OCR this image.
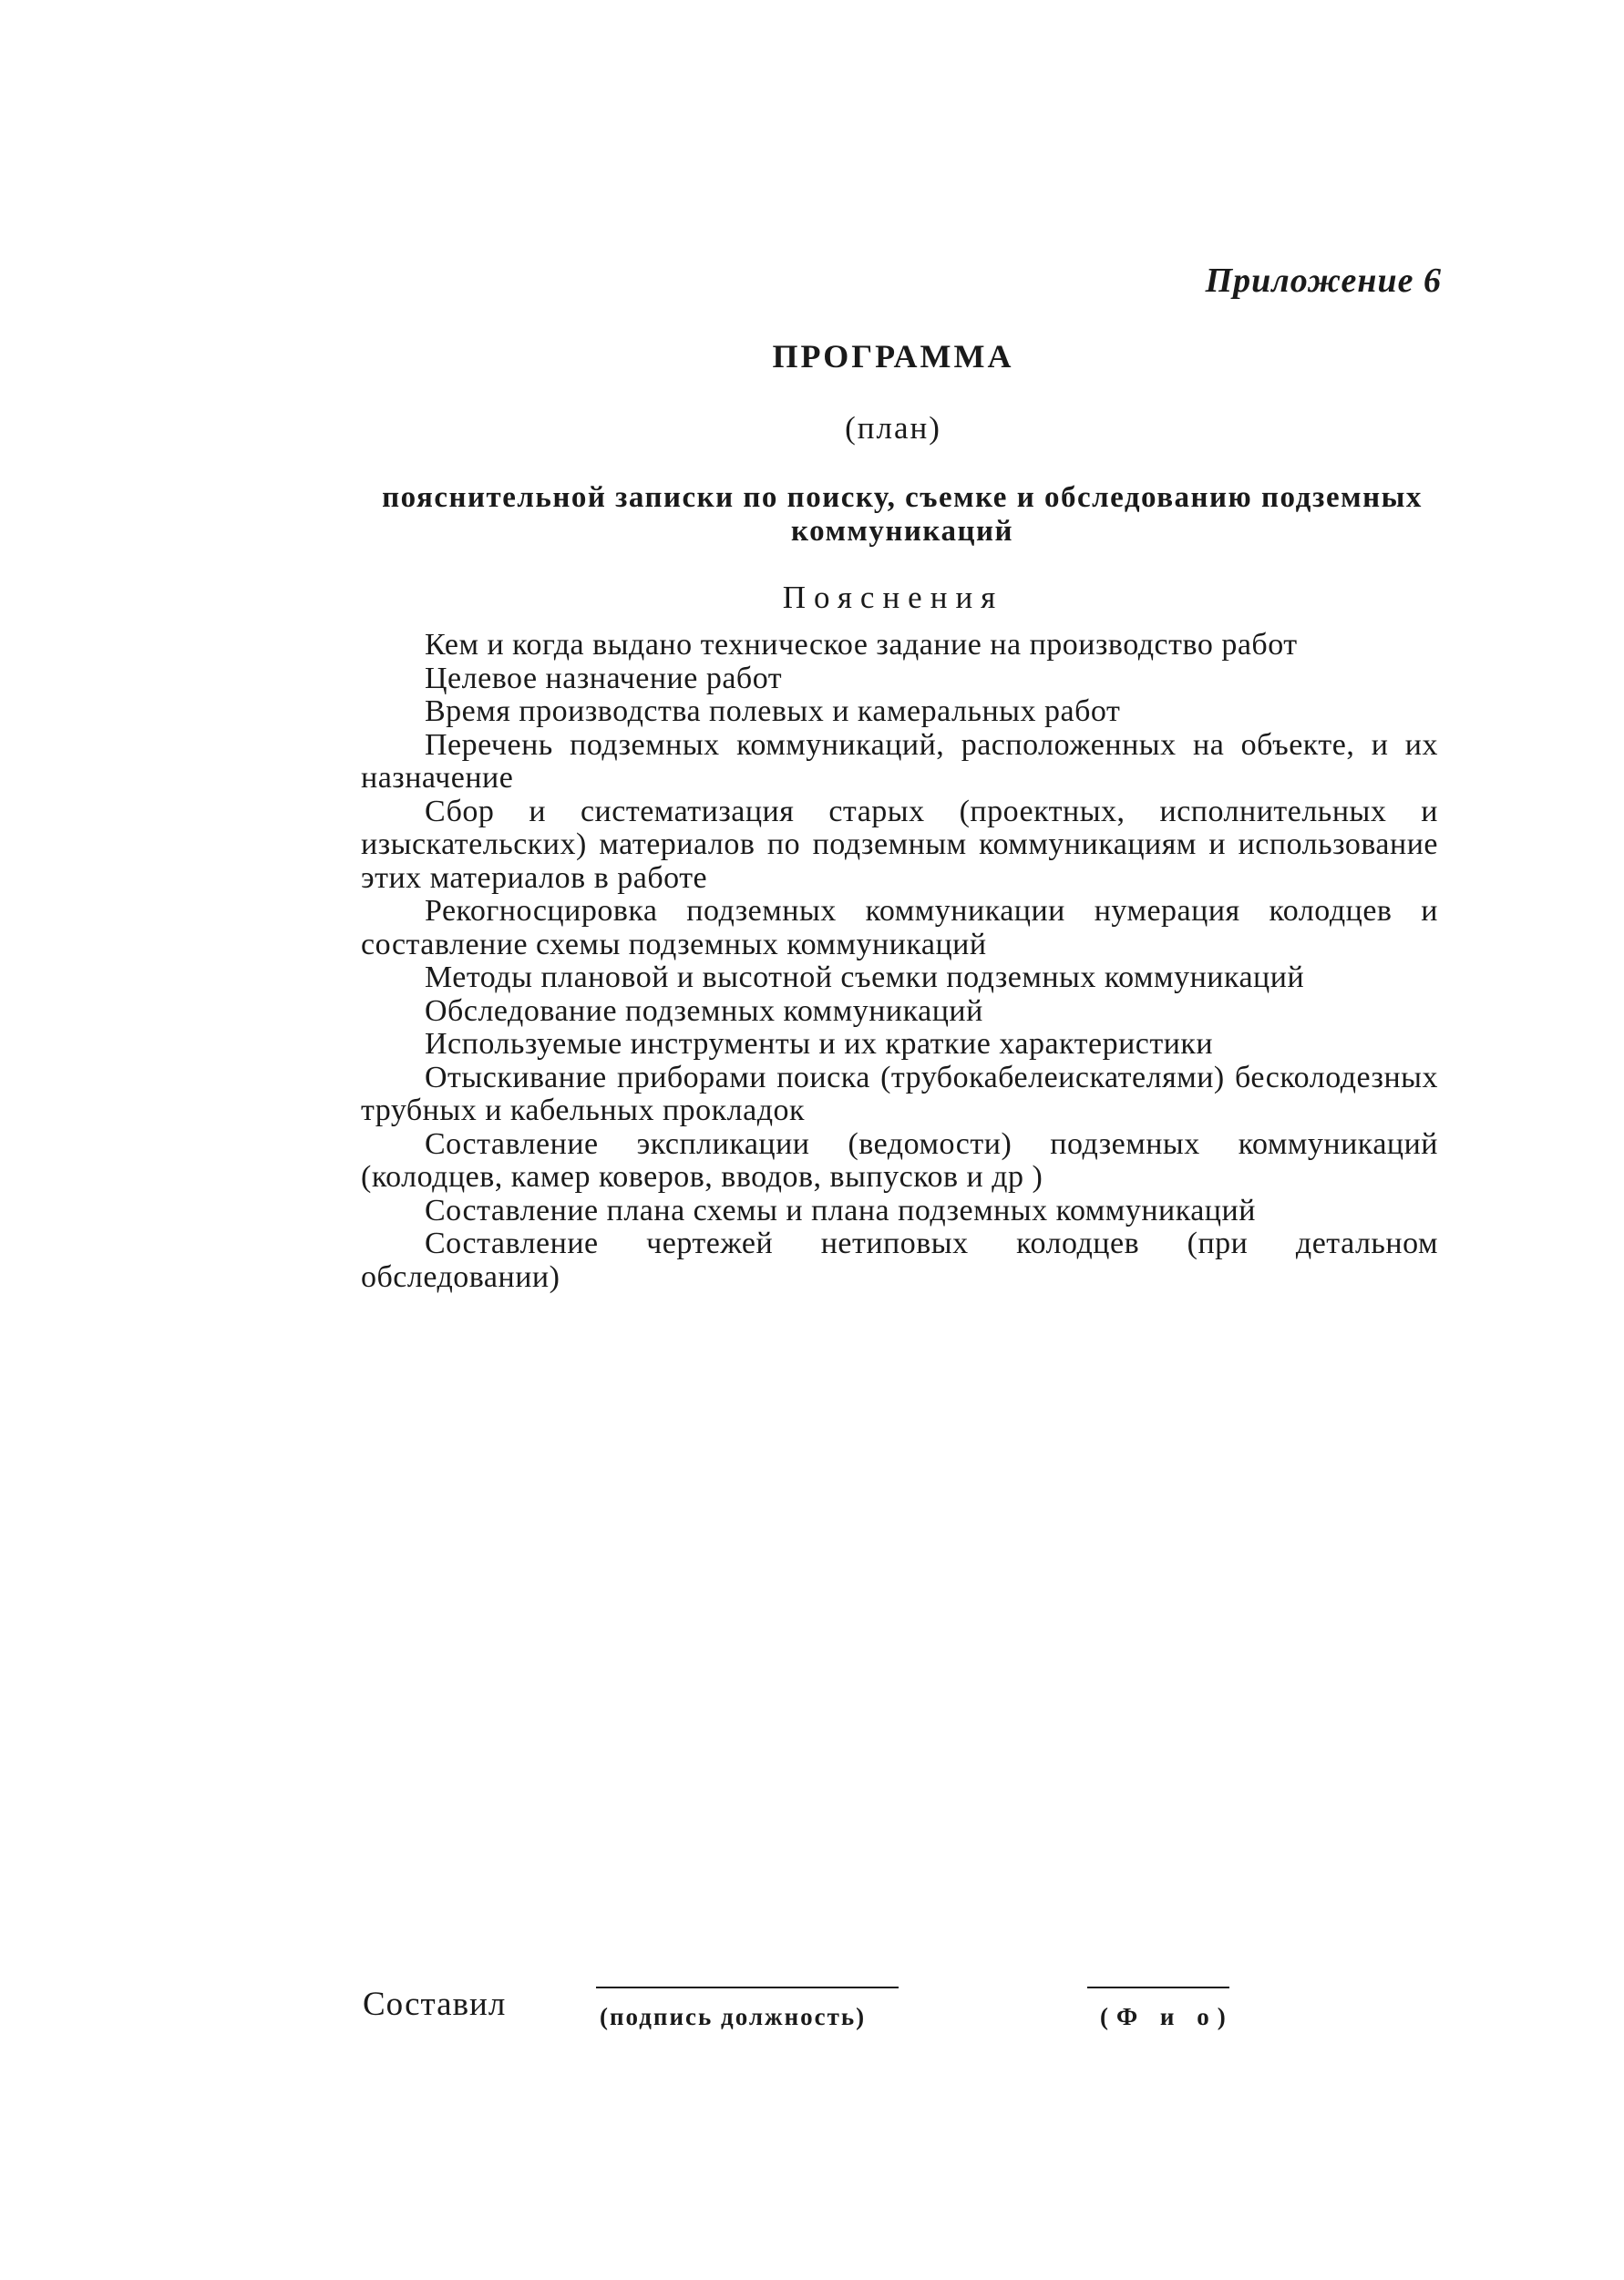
Приложение 6
ПРОГРАММА
(план)
пояснительной записки по поиску, съемке и обследованию подземных коммуникаций
Пояснения
Кем и когда выдано техническое задание на производство работ
Целевое назначение работ
Время производства полевых и камеральных работ
Перечень подземных коммуникаций, расположенных на объекте, и их назначение
Сбор и систематизация старых (проектных, исполнительных и изыскательских) материалов по подземным коммуникациям и использование этих материалов в работе
Рекогносцировка подземных коммуникации нумерация колодцев и составление схемы подземных коммуникаций
Методы плановой и высотной съемки подземных коммуникаций
Обследование подземных коммуникаций
Используемые инструменты и их краткие характеристики
Отыскивание приборами поиска (трубокабелеискателями) бесколодезных трубных и кабельных прокладок
Составление экспликации (ведомости) подземных коммуникаций (колодцев, камер коверов, вводов, выпусков и др )
Составление плана схемы и плана подземных коммуникаций
Составление чертежей нетиповых колодцев (при детальном обследовании)
Составил	(подпись должность)	(Ф и о)
